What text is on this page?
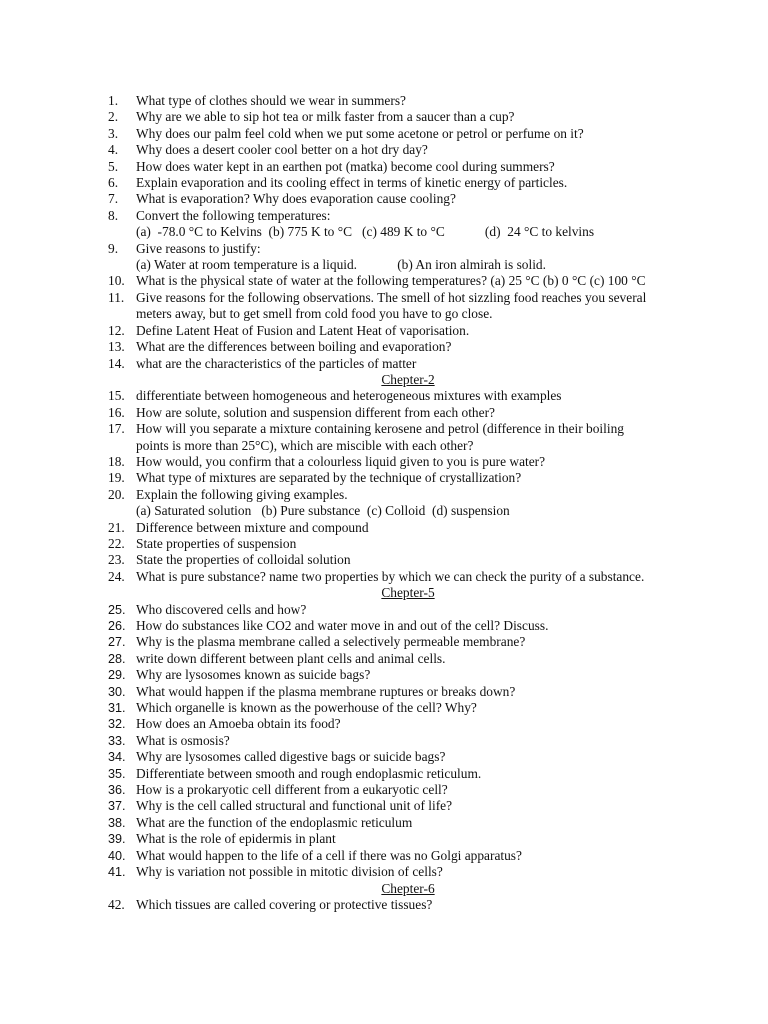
1.	What type of clothes should we wear in summers?
2.	Why are we able to sip hot tea or milk faster from a saucer than a cup?
3.	Why does our palm feel cold when we put some acetone or petrol or perfume on it?
4.	Why does a desert cooler cool better on a hot dry day?
5.	How does water kept in an earthen pot (matka) become cool during summers?
6.	Explain evaporation and its cooling effect in terms of kinetic energy of particles.
7.	What is evaporation? Why does evaporation cause cooling?
8.	Convert the following temperatures:
(a)  -78.0 °C to Kelvins  (b) 775 K to °C   (c) 489 K to °C            (d)  24 °C to kelvins
9.	Give reasons to justify:
(a) Water at room temperature is a liquid.            (b) An iron almirah is solid.
10. What is the physical state of water at the following temperatures? (a) 25 °C (b) 0 °C (c) 100 °C
11. Give reasons for the following observations. The smell of hot sizzling food reaches you several
meters away, but to get smell from cold food you have to go close.
12. Define Latent Heat of Fusion and Latent Heat of vaporisation.
13. What are the differences between boiling and evaporation?
14. what are the characteristics of the particles of matter
Chepter-2
15. differentiate between homogeneous and heterogeneous mixtures with examples
16. How are solute, solution and suspension different from each other?
17. How will you separate a mixture containing kerosene and petrol (difference in their boiling
points is more than 25°C), which are miscible with each other?
18. How would, you confirm that a colourless liquid given to you is pure water?
19. What type of mixtures are separated by the technique of crystallization?
20. Explain the following giving examples.
(a) Saturated solution   (b) Pure substance  (c) Colloid  (d) suspension
21. Difference between mixture and compound
22. State properties of suspension
23. State the properties of colloidal solution
24. What is pure substance? name two properties by which we can check the purity of a substance.
Chepter-5
25. Who discovered cells and how?
26. How do substances like CO2 and water move in and out of the cell? Discuss.
27. Why is the plasma membrane called a selectively permeable membrane?
28. write down different between plant cells and animal cells.
29. Why are lysosomes known as suicide bags?
30. What would happen if the plasma membrane ruptures or breaks down?
31. Which organelle is known as the powerhouse of the cell? Why?
32. How does an Amoeba obtain its food?
33. What is osmosis?
34. Why are lysosomes called digestive bags or suicide bags?
35. Differentiate between smooth and rough endoplasmic reticulum.
36. How is a prokaryotic cell different from a eukaryotic cell?
37. Why is the cell called structural and functional unit of life?
38. What are the function of the endoplasmic reticulum
39. What is the role of epidermis in plant
40. What would happen to the life of a cell if there was no Golgi apparatus?
41. Why is variation not possible in mitotic division of cells?
Chepter-6
42. Which tissues are called covering or protective tissues?
